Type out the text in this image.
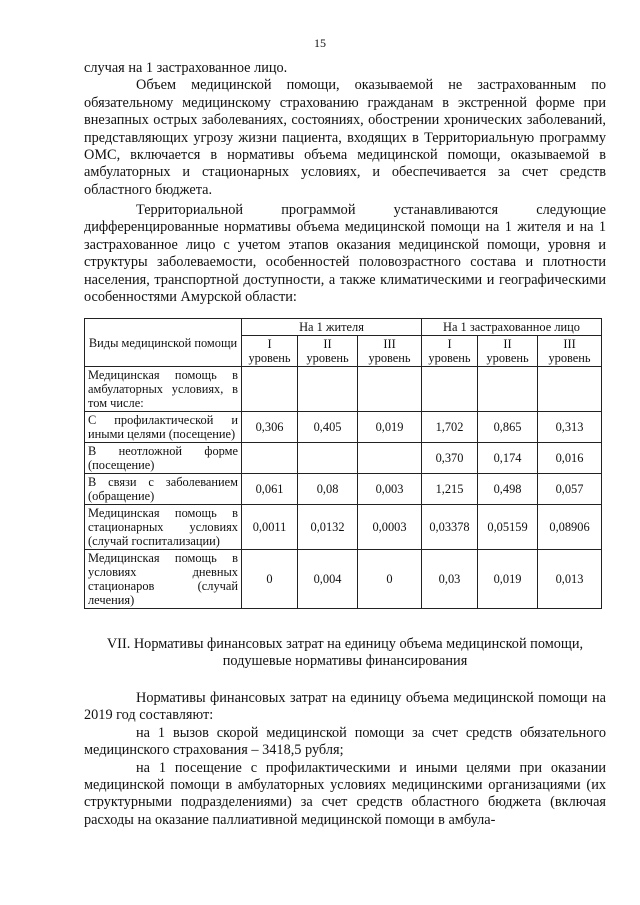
15

случая на 1 застрахованное лицо.

Объем медицинской помощи, оказываемой не застрахованным по обязательному медицинскому страхованию гражданам в экстренной форме при внезапных острых заболеваниях, состояниях, обострении хронических заболеваний, представляющих угрозу жизни пациента, входящих в Территориальную программу ОМС, включается в нормативы объема медицинской помощи, оказываемой в амбулаторных и стационарных условиях, и обеспечивается за счет средств областного бюджета.

Территориальной программой устанавливаются следующие дифференцированные нормативы объема медицинской помощи на 1 жителя и на 1 застрахованное лицо с учетом этапов оказания медицинской помощи, уровня и структуры заболеваемости, особенностей половозрастного состава и плотности населения, транспортной доступности, а также климатическими и географическими особенностями Амурской области:

Виды медицинской помощи	На 1 жителя			На 1 застрахованное лицо		
	I уровень	II уровень	III уровень	I уровень	II уровень	III уровень
Медицинская помощь в амбулаторных условиях, в том числе:						
С профилактической и иными целями (посещение)	0,306	0,405	0,019	1,702	0,865	0,313
В неотложной форме (посещение)				0,370	0,174	0,016
В связи с заболеванием (обращение)	0,061	0,08	0,003	1,215	0,498	0,057
Медицинская помощь в стационарных условиях (случай госпитализации)	0,0011	0,0132	0,0003	0,03378	0,05159	0,08906
Медицинская помощь в условиях дневных стационаров (случай лечения)	0	0,004	0	0,03	0,019	0,013
VII. Нормативы финансовых затрат на единицу объема медицинской помощи, подушевые нормативы финансирования

Нормативы финансовых затрат на единицу объема медицинской помощи на 2019 год составляют:

на 1 вызов скорой медицинской помощи за счет средств обязательного медицинского страхования – 3418,5 рубля;

на 1 посещение с профилактическими и иными целями при оказании медицинской помощи в амбулаторных условиях медицинскими организациями (их структурными подразделениями) за счет средств областного бюджета (включая расходы на оказание паллиативной медицинской помощи в амбула-
